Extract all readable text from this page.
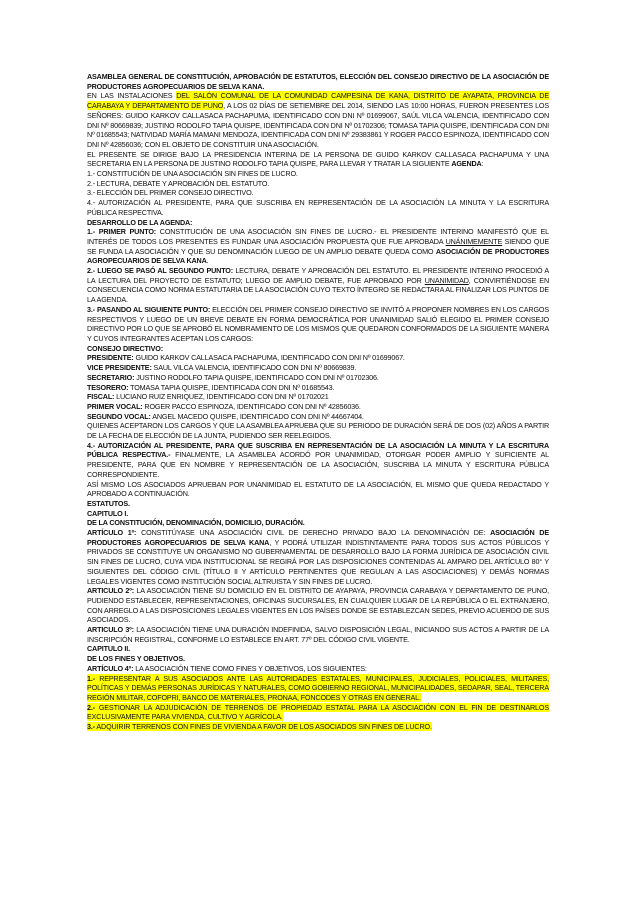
ASAMBLEA GENERAL DE CONSTITUCIÓN, APROBACIÓN DE ESTATUTOS, ELECCIÓN DEL CONSEJO DIRECTIVO DE LA ASOCIACIÓN DE PRODUCTORES AGROPECUARIOS DE SELVA KANA.

EN LAS INSTALACIONES DEL SALÓN COMUNAL DE LA COMUNIDAD CAMPESINA DE KANA, DISTRITO DE AYAPATA, PROVINCIA DE CARABAYA Y DEPARTAMENTO DE PUNO, A LOS 02 DÍAS DE SETIEMBRE DEL 2014, SIENDO LAS 10:00 HORAS, FUERON PRESENTES LOS SEÑORES: GUIDO KARKOV CALLASACA PACHAPUMA, IDENTIFICADO CON DNI Nº 01699067, SAÚL VILCA VALENCIA, IDENTIFICADO CON DNI Nº 80669839; JUSTINO RODOLFO TAPIA QUISPE, IDENTIFICADA CON DNI Nº 01702306; TOMASA TAPIA QUISPE, IDENTIFICADA CON DNI Nº 01685543; NATIVIDAD MARÍA MAMANI MENDOZA, IDENTIFICADA CON DNI Nº 29383861 Y ROGER PACCO ESPINOZA, IDENTIFICADO CON DNI Nº 42856036; CON EL OBJETO DE CONSTITUIR UNA ASOCIACIÓN.

EL PRESENTE SE DIRIGE BAJO LA PRESIDENCIA INTERINA DE LA PERSONA DE GUIDO KARKOV CALLASACA PACHAPUMA Y UNA SECRETARIA EN LA PERSONA DE JUSTINO RODOLFO TAPIA QUISPE, PARA LLEVAR Y TRATAR LA SIGUIENTE AGENDA:

1.- CONSTITUCIÓN DE UNA ASOCIACIÓN SIN FINES DE LUCRO.

2.- LECTURA, DEBATE Y APROBACIÓN DEL ESTATUTO.

3.- ELECCIÓN DEL PRIMER CONSEJO DIRECTIVO.

4.- AUTORIZACIÓN AL PRESIDENTE, PARA QUE SUSCRIBA EN REPRESENTACIÓN DE LA ASOCIACIÓN LA MINUTA Y LA ESCRITURA PÚBLICA RESPECTIVA.

DESARROLLO DE LA AGENDA:

1.- PRIMER PUNTO: CONSTITUCIÓN DE UNA ASOCIACIÓN SIN FINES DE LUCRO.- EL PRESIDENTE INTERINO MANIFESTÓ QUE EL INTERÉS DE TODOS LOS PRESENTES ES FUNDAR UNA ASOCIACIÓN PROPUESTA QUE FUE APROBADA UNÁNIMEMENTE SIENDO QUE SE FUNDA LA ASOCIACIÓN Y QUE SU DENOMINACIÓN LUEGO DE UN AMPLIO DEBATE QUEDA COMO ASOCIACIÓN DE PRODUCTORES AGROPECUARIOS DE SELVA KANA.

2.- LUEGO SE PASÓ AL SEGUNDO PUNTO: LECTURA, DEBATE Y APROBACIÓN DEL ESTATUTO. EL PRESIDENTE INTERINO PROCEDIÓ A LA LECTURA DEL PROYECTO DE ESTATUTO; LUEGO DE AMPLIO DEBATE, FUE APROBADO POR UNANIMIDAD, CONVIRTIÉNDOSE EN CONSECUENCIA COMO NORMA ESTATUTARIA DE LA ASOCIACIÓN CUYO TEXTO ÍNTEGRO SE REDACTARA AL FINALIZAR LOS PUNTOS DE LA AGENDA.

3.- PASANDO AL SIGUIENTE PUNTO: ELECCIÓN DEL PRIMER CONSEJO DIRECTIVO SE INVITÓ A PROPONER NOMBRES EN LOS CARGOS RESPECTIVOS Y LUEGO DE UN BREVE DEBATE EN FORMA DEMOCRÁTICA POR UNANIMIDAD SALIÓ ELEGIDO EL PRIMER CONSEJO DIRECTIVO POR LO QUE SE APROBÓ EL NOMBRAMIENTO DE LOS MISMOS QUE QUEDARON CONFORMADOS DE LA SIGUIENTE MANERA Y CUYOS INTEGRANTES ACEPTAN LOS CARGOS:

CONSEJO DIRECTIVO:

PRESIDENTE: GUIDO KARKOV CALLASACA PACHAPUMA, IDENTIFICADO CON DNI Nº 01699067.

VICE PRESIDENTE: SAUL VILCA VALENCIA, IDENTIFICADO CON DNI Nº 80669839.

SECRETARIO: JUSTINO RODOLFO TAPIA QUISPE, IDENTIFICADO CON DNI Nº 01702306.

TESORERO: TOMASA TAPIA QUISPE, IDENTIFICADA CON DNI Nº 01685543.

FISCAL: LUCIANO RUIZ ENRIQUEZ, IDENTIFICADO CON DNI Nº 01702021

PRIMER VOCAL: ROGER PACCO ESPINOZA, IDENTIFICADO CON DNI Nº 42856036.

SEGUNDO VOCAL: ANGEL MACEDO QUISPE, IDENTIFICADO CON DNI Nº 44667404.

QUIENES ACEPTARON LOS CARGOS Y QUE LA ASAMBLEA APRUEBA QUE SU PERIODO DE DURACIÓN SERÁ DE DOS (02) AÑOS A PARTIR DE LA FECHA DE ELECCIÓN DE LA JUNTA, PUDIENDO SER REELEGIDOS.

4.- AUTORIZACIÓN AL PRESIDENTE, PARA QUE SUSCRIBA EN REPRESENTACIÓN DE LA ASOCIACIÓN LA MINUTA Y LA ESCRITURA PÚBLICA RESPECTIVA.- FINALMENTE, LA ASAMBLEA ACORDÓ POR UNANIMIDAD, OTORGAR PODER AMPLIO Y SUFICIENTE AL PRESIDENTE, PARA QUE EN NOMBRE Y REPRESENTACIÓN DE LA ASOCIACIÓN, SUSCRIBA LA MINUTA Y ESCRITURA PÚBLICA CORRESPONDIENTE.

ASÍ MISMO LOS ASOCIADOS APRUEBAN POR UNANIMIDAD EL ESTATUTO DE LA ASOCIACIÓN, EL MISMO QUE QUEDA REDACTADO Y APROBADO A CONTINUACIÓN.

ESTATUTOS.

CAPITULO I.

DE LA CONSTITUCIÓN, DENOMINACIÓN, DOMICILIO, DURACIÓN.

ARTÍCULO 1º: CONSTITÚYASE UNA ASOCIACIÓN CIVIL DE DERECHO PRIVADO BAJO LA DENOMINACIÓN DE: ASOCIACIÓN DE PRODUCTORES AGROPECUARIOS DE SELVA KANA, Y PODRÁ UTILIZAR INDISTINTAMENTE PARA TODOS SUS ACTOS PÚBLICOS Y PRIVADOS SE CONSTITUYE UN ORGANISMO NO GUBERNAMENTAL DE DESARROLLO BAJO LA FORMA JURÍDICA DE ASOCIACIÓN CIVIL SIN FINES DE LUCRO, CUYA VIDA INSTITUCIONAL SE REGIRÁ POR LAS DISPOSICIONES CONTENIDAS AL AMPARO DEL ARTÍCULO 80° Y SIGUIENTES DEL CÓDIGO CIVIL (TÍTULO II Y ARTÍCULO PERTINENTES QUE REGULAN A LAS ASOCIACIONES) Y DEMÁS NORMAS LEGALES VIGENTES COMO INSTITUCIÓN SOCIAL ALTRUISTA Y SIN FINES DE LUCRO.

ARTICULO 2º: LA ASOCIACIÓN TIENE SU DOMICILIO EN EL DISTRITO DE AYAPAYA, PROVINCIA CARABAYA Y DEPARTAMENTO DE PUNO, PUDIENDO ESTABLECER, REPRESENTACIONES, OFICINAS SUCURSALES, EN CUALQUIER LUGAR DE LA REPÚBLICA O EL EXTRANJERO, CON ARREGLO A LAS DISPOSICIONES LEGALES VIGENTES EN LOS PAÍSES DONDE SE ESTABLEZCAN SEDES, PREVIO ACUERDO DE SUS ASOCIADOS.

ARTICULO 3º: LA ASOCIACIÓN TIENE UNA DURACIÓN INDEFINIDA, SALVO DISPOSICIÓN LEGAL, INICIANDO SUS ACTOS A PARTIR DE LA INSCRIPCIÓN REGISTRAL, CONFORME LO ESTABLECE EN ART. 77º DEL CÓDIGO CIVIL VIGENTE.

CAPITULO II.

DE LOS FINES Y OBJETIVOS.

ARTÍCULO 4º: LA ASOCIACIÓN TIENE COMO FINES Y OBJETIVOS, LOS SIGUIENTES:

1.- REPRESENTAR A SUS ASOCIADOS ANTE LAS AUTORIDADES ESTATALES, MUNICIPALES, JUDICIALES, POLICIALES, MILITARES, POLÍTICAS Y DEMÁS PERSONAS JURÍDICAS Y NATURALES, COMO GOBIERNO REGIONAL, MUNICIPALIDADES, SEDAPAR, SEAL, TERCERA REGIÓN MILITAR, COFOPRI, BANCO DE MATERIALES, PRONAA, FONCODES Y OTRAS EN GENERAL.

2.- GESTIONAR LA ADJUDICACIÓN DE TERRENOS DE PROPIEDAD ESTATAL PARA LA ASOCIACIÓN CON EL FIN DE DESTINARLOS EXCLUSIVAMENTE PARA VIVIENDA, CULTIVO Y AGRÍCOLA.

3.- ADQUIRIR TERRENOS CON FINES DE VIVIENDA A FAVOR DE LOS ASOCIADOS SIN FINES DE LUCRO.
